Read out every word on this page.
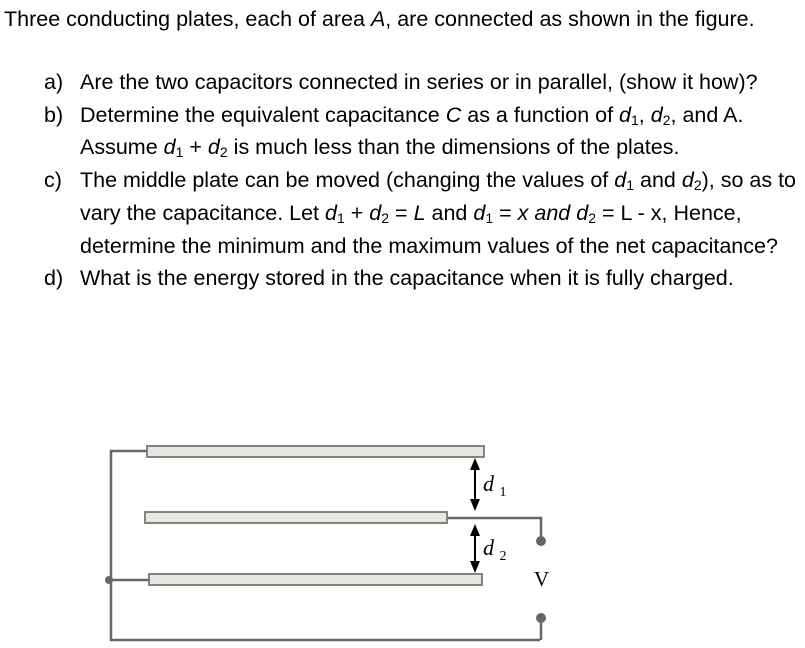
Three conducting plates, each of area A, are connected as shown in the figure.

a) Are the two capacitors connected in series or in parallel, (show it how)?
b) Determine the equivalent capacitance C as a function of $d_1$, $d_2$, and A. Assume $d_1 + d_2$ is much less than the dimensions of the plates.
c) The middle plate can be moved (changing the values of $d_1$ and $d_2$), so as to vary the capacitance. Let $d_1 + d_2 = L$ and $d_1 = x$ and $d_2 = L - x$, Hence, determine the minimum and the maximum values of the net capacitance?
d) What is the energy stored in the capacitance when it is fully charged.
d $_1$
d $_2$
V
